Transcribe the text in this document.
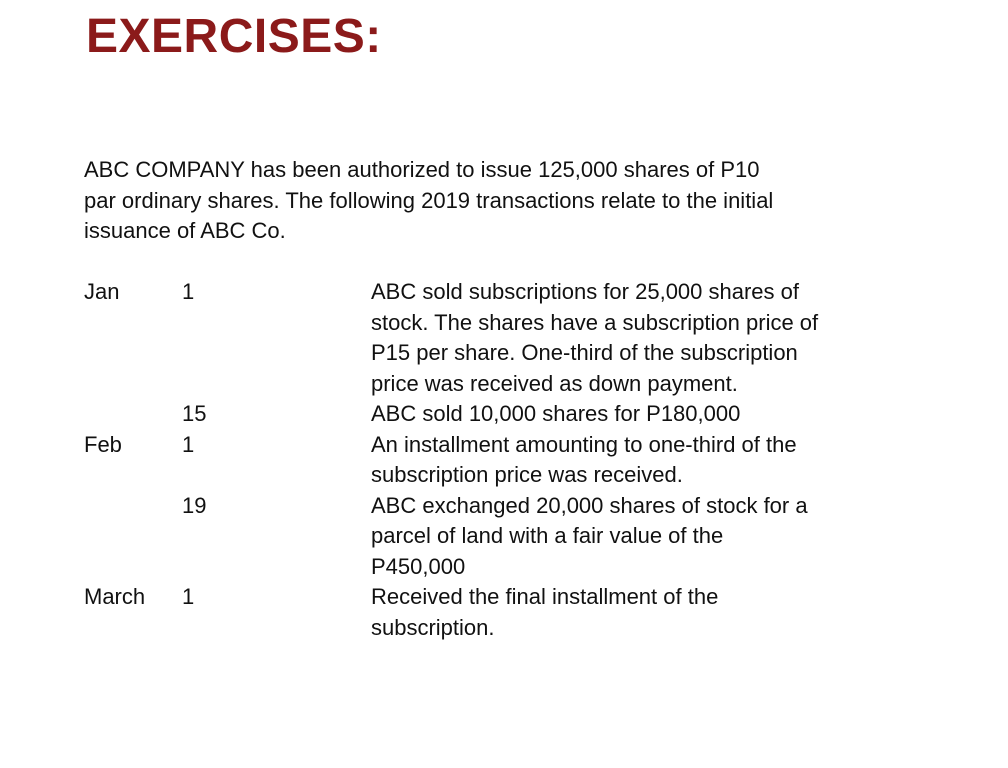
EXERCISES:

ABC COMPANY has been authorized to issue 125,000 shares of P10
par ordinary shares. The following 2019 transactions relate to the initial
issuance of ABC Co.

Jan	1	ABC sold subscriptions for 25,000 shares of
stock. The shares have a subscription price of
P15 per share. One-third of the subscription
price was received as down payment.
	15	ABC sold 10,000 shares for P180,000
Feb	1	An installment amounting to one-third of the
subscription price was received.
	19	ABC exchanged 20,000 shares of stock for a
parcel of land with a fair value of the
P450,000
March	1	Received the final installment of the
subscription.
